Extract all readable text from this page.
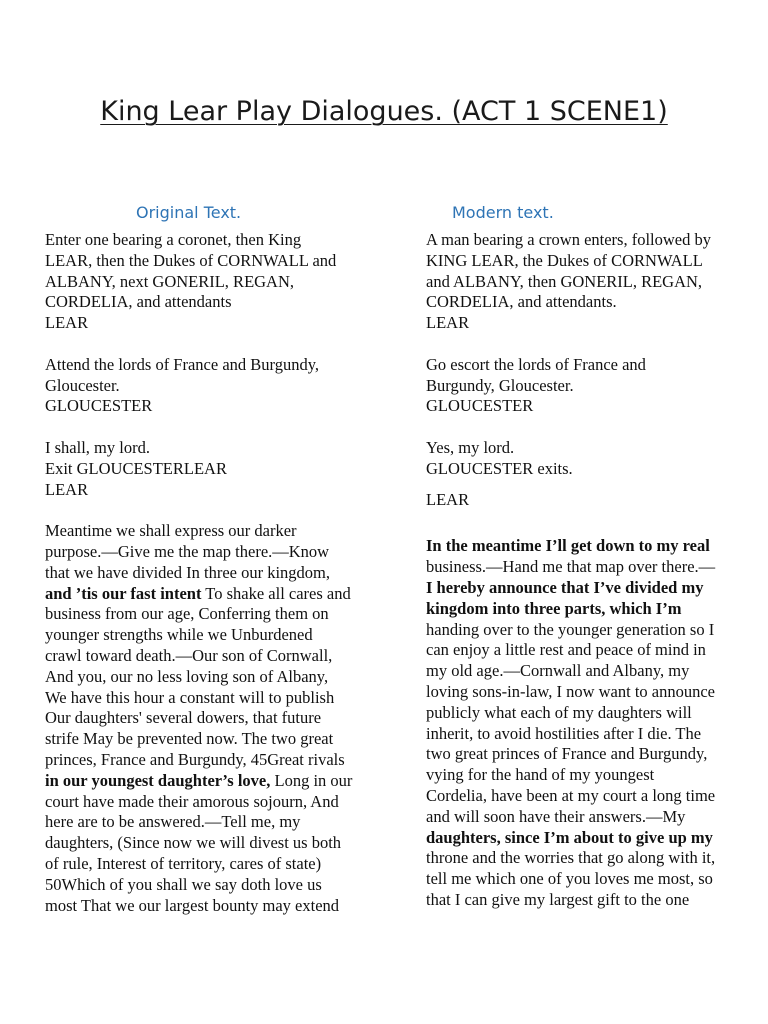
King Lear Play Dialogues. (ACT 1 SCENE1)
Original Text.	Modern text.

Enter one bearing a coronet, then King

LEAR, then the Dukes of CORNWALL and

ALBANY, next GONERIL, REGAN,

CORDELIA, and attendants

LEAR

Attend the lords of France and Burgundy,

Gloucester.

GLOUCESTER

I shall, my lord.

Exit GLOUCESTERLEAR

LEAR

Meantime we shall express our darker

purpose.—Give me the map there.—Know

that we have divided In three our kingdom,

and ’tis our fast intent To shake all cares and

business from our age, Conferring them on

younger strengths while we Unburdened

crawl toward death.—Our son of Cornwall,

And you, our no less loving son of Albany,

We have this hour a constant will to publish

Our daughters' several dowers, that future

strife May be prevented now. The two great

princes, France and Burgundy, 45Great rivals

in our youngest daughter’s love, Long in our

court have made their amorous sojourn, And

here are to be answered.—Tell me, my

daughters, (Since now we will divest us both

of rule, Interest of territory, cares of state)

50Which of you shall we say doth love us

most That we our largest bounty may extend

A man bearing a crown enters, followed by

KING LEAR, the Dukes of CORNWALL

and ALBANY, then GONERIL, REGAN,

CORDELIA, and attendants.

LEAR

Go escort the lords of France and

Burgundy, Gloucester.

GLOUCESTER

Yes, my lord.

GLOUCESTER exits.

LEAR

In the meantime I’ll get down to my real

business.—Hand me that map over there.—

I hereby announce that I’ve divided my

kingdom into three parts, which I’m

handing over to the younger generation so I

can enjoy a little rest and peace of mind in

my old age.—Cornwall and Albany, my

loving sons-in-law, I now want to announce

publicly what each of my daughters will

inherit, to avoid hostilities after I die. The

two great princes of France and Burgundy,

vying for the hand of my youngest

Cordelia, have been at my court a long time

and will soon have their answers.—My

daughters, since I’m about to give up my

throne and the worries that go along with it,

tell me which one of you loves me most, so

that I can give my largest gift to the one
